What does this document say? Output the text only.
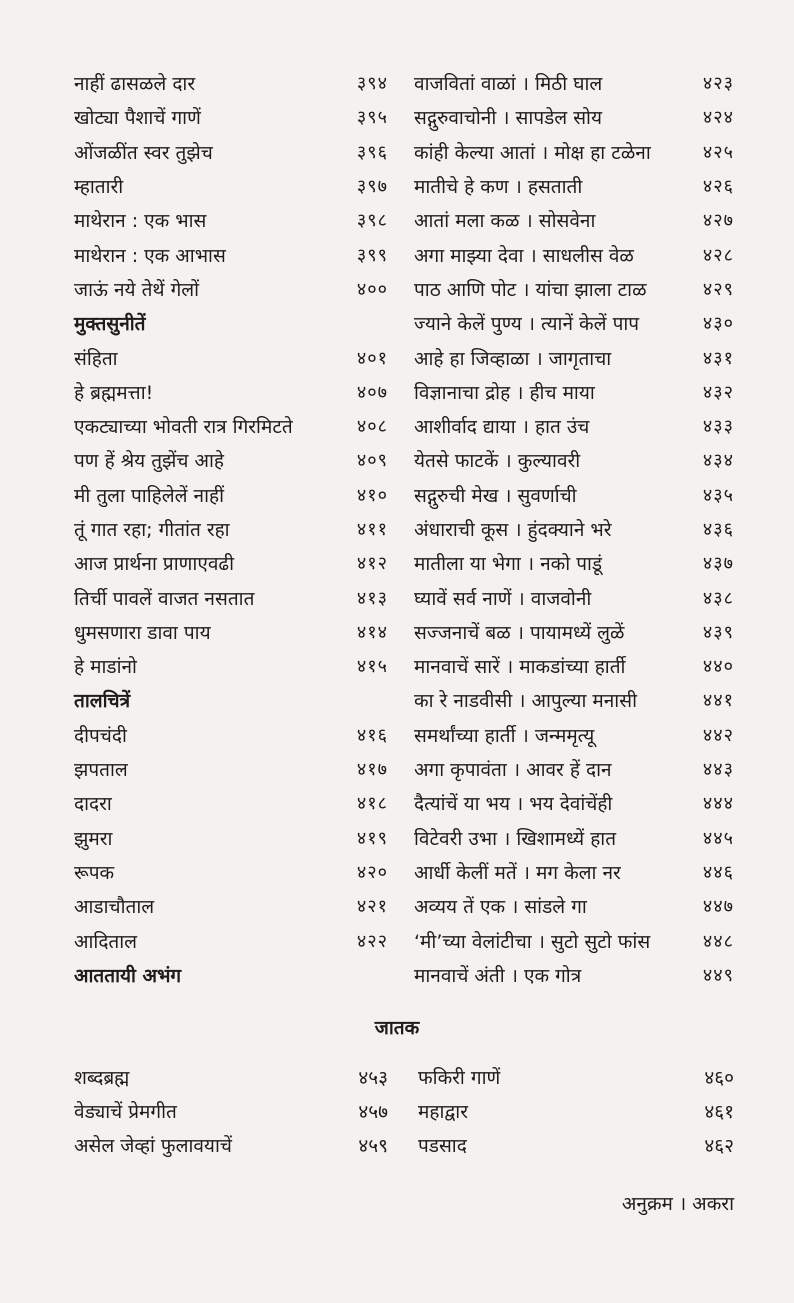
नाहीं ढासळले दार	३९४
खोट्या पैशाचें गाणें	३९५
ओंजळींत स्वर तुझेच	३९६
म्हातारी	३९७
माथेरान : एक भास	३९८
माथेरान : एक आभास	३९९
जाऊं नये तेथें गेलों	४००
मुक्तसुनीतें
संहिता	४०१
हे ब्रह्ममत्ता!	४०७
एकट्याच्या भोवती रात्र गिरमिटते	४०८
पण हें श्रेय तुझेंच आहे	४०९
मी तुला पाहिलेलें नाहीं	४१०
तूं गात रहा; गीतांत रहा	४११
आज प्रार्थना प्राणाएवढी	४१२
तिर्ची पावलें वाजत नसतात	४१३
धुमसणारा डावा पाय	४१४
हे माडांनो	४१५
तालचित्रें
दीपचंदी	४१६
झपताल	४१७
दादरा	४१८
झुमरा	४१९
रूपक	४२०
आडाचौताल	४२१
आदिताल	४२२
आततायी अभंग
वाजवितां वाळां । मिठी घाल	४२३
सद्गुरुवाचोनी । सापडेल सोय	४२४
कांही केल्या आतां । मोक्ष हा टळेना	४२५
मातीचे हे कण । हसताती	४२६
आतां मला कळ । सोसवेना	४२७
अगा माझ्या देवा । साधलीस वेळ	४२८
पाठ आणि पोट । यांचा झाला टाळ	४२९
ज्याने केलें पुण्य । त्यानें केलें पाप	४३०
आहे हा जिव्हाळा । जागृताचा	४३१
विज्ञानाचा द्रोह । हीच माया	४३२
आशीर्वाद द्याया । हात उंच	४३३
येतसे फाटकें । कुल्यावरी	४३४
सद्गुरुची मेख । सुवर्णाची	४३५
अंधाराची कूस । हुंदक्याने भरे	४३६
मातीला या भेगा । नको पाडूं	४३७
घ्यावें सर्व नाणें । वाजवोनी	४३८
सज्जनाचें बळ । पायामध्यें लुळें	४३९
मानवाचें सारें । माकडांच्या हार्ती	४४०
का रे नाडवीसी । आपुल्या मनासी	४४१
समर्थांच्या हार्ती । जन्ममृत्यू	४४२
अगा कृपावंता । आवर हें दान	४४३
दैत्यांचें या भय । भय देवांचेंही	४४४
विटेवरी उभा । खिशामध्यें हात	४४५
आर्धी केलीं मतें । मग केला नर	४४६
अव्यय तें एक । सांडले गा	४४७
‘मी’च्या वेलांटीचा । सुटो सुटो फांस	४४८
मानवाचें अंती । एक गोत्र	४४९
जातक
शब्दब्रह्म	४५३
वेड्याचें प्रेमगीत	४५७
असेल जेव्हां फुलावयाचें	४५९
फकिरी गाणें	४६०
महाद्वार	४६१
पडसाद	४६२
अनुक्रम । अकरा
